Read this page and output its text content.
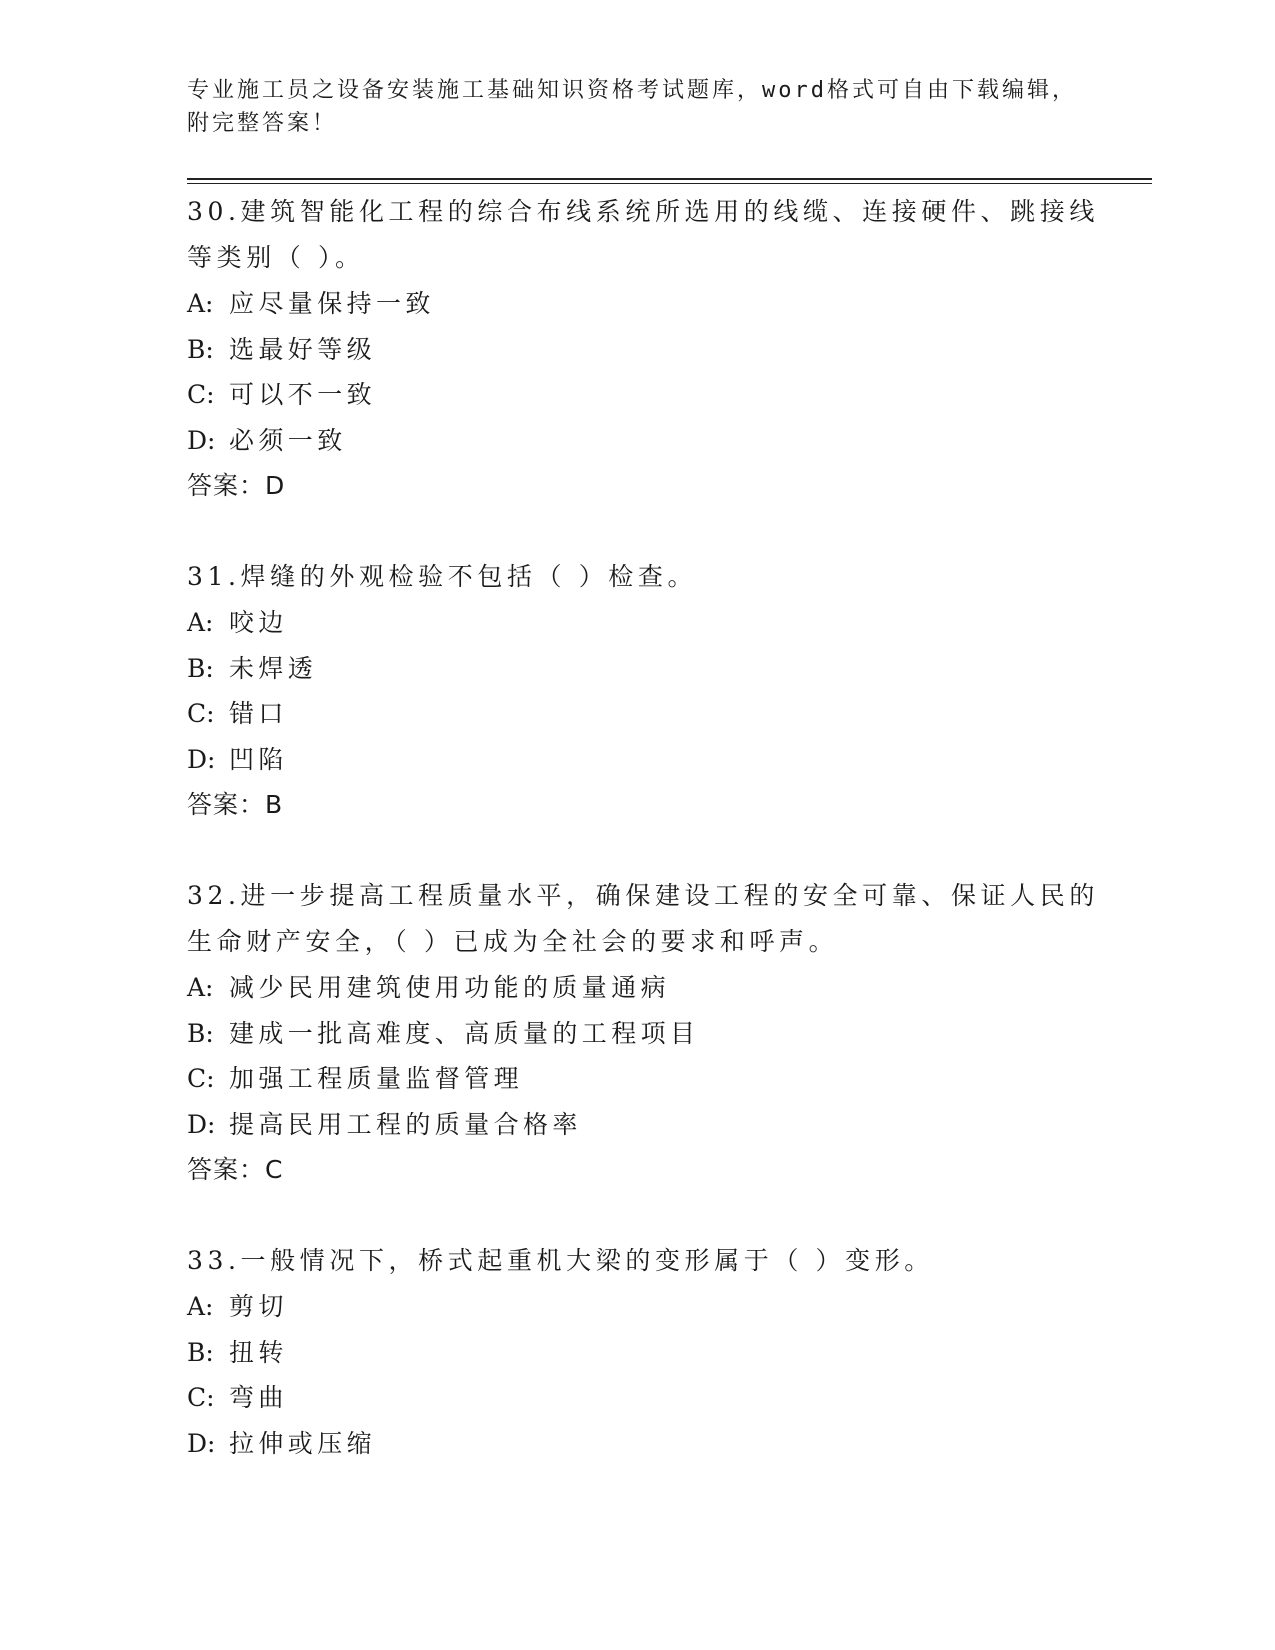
专业施工员之设备安装施工基础知识资格考试题库，word格式可自由下载编辑，
附完整答案！
30.建筑智能化工程的综合布线系统所选用的线缆、连接硬件、跳接线
等类别（ ）。
A: 应尽量保持一致
B: 选最好等级
C: 可以不一致
D: 必须一致
答案：D
31.焊缝的外观检验不包括（ ）检查。
A: 咬边
B: 未焊透
C: 错口
D: 凹陷
答案：B
32.进一步提高工程质量水平，确保建设工程的安全可靠、保证人民的
生命财产安全，（ ）已成为全社会的要求和呼声。
A: 减少民用建筑使用功能的质量通病
B: 建成一批高难度、高质量的工程项目
C: 加强工程质量监督管理
D: 提高民用工程的质量合格率
答案：C
33.一般情况下，桥式起重机大梁的变形属于（ ）变形。
A: 剪切
B: 扭转
C: 弯曲
D: 拉伸或压缩
